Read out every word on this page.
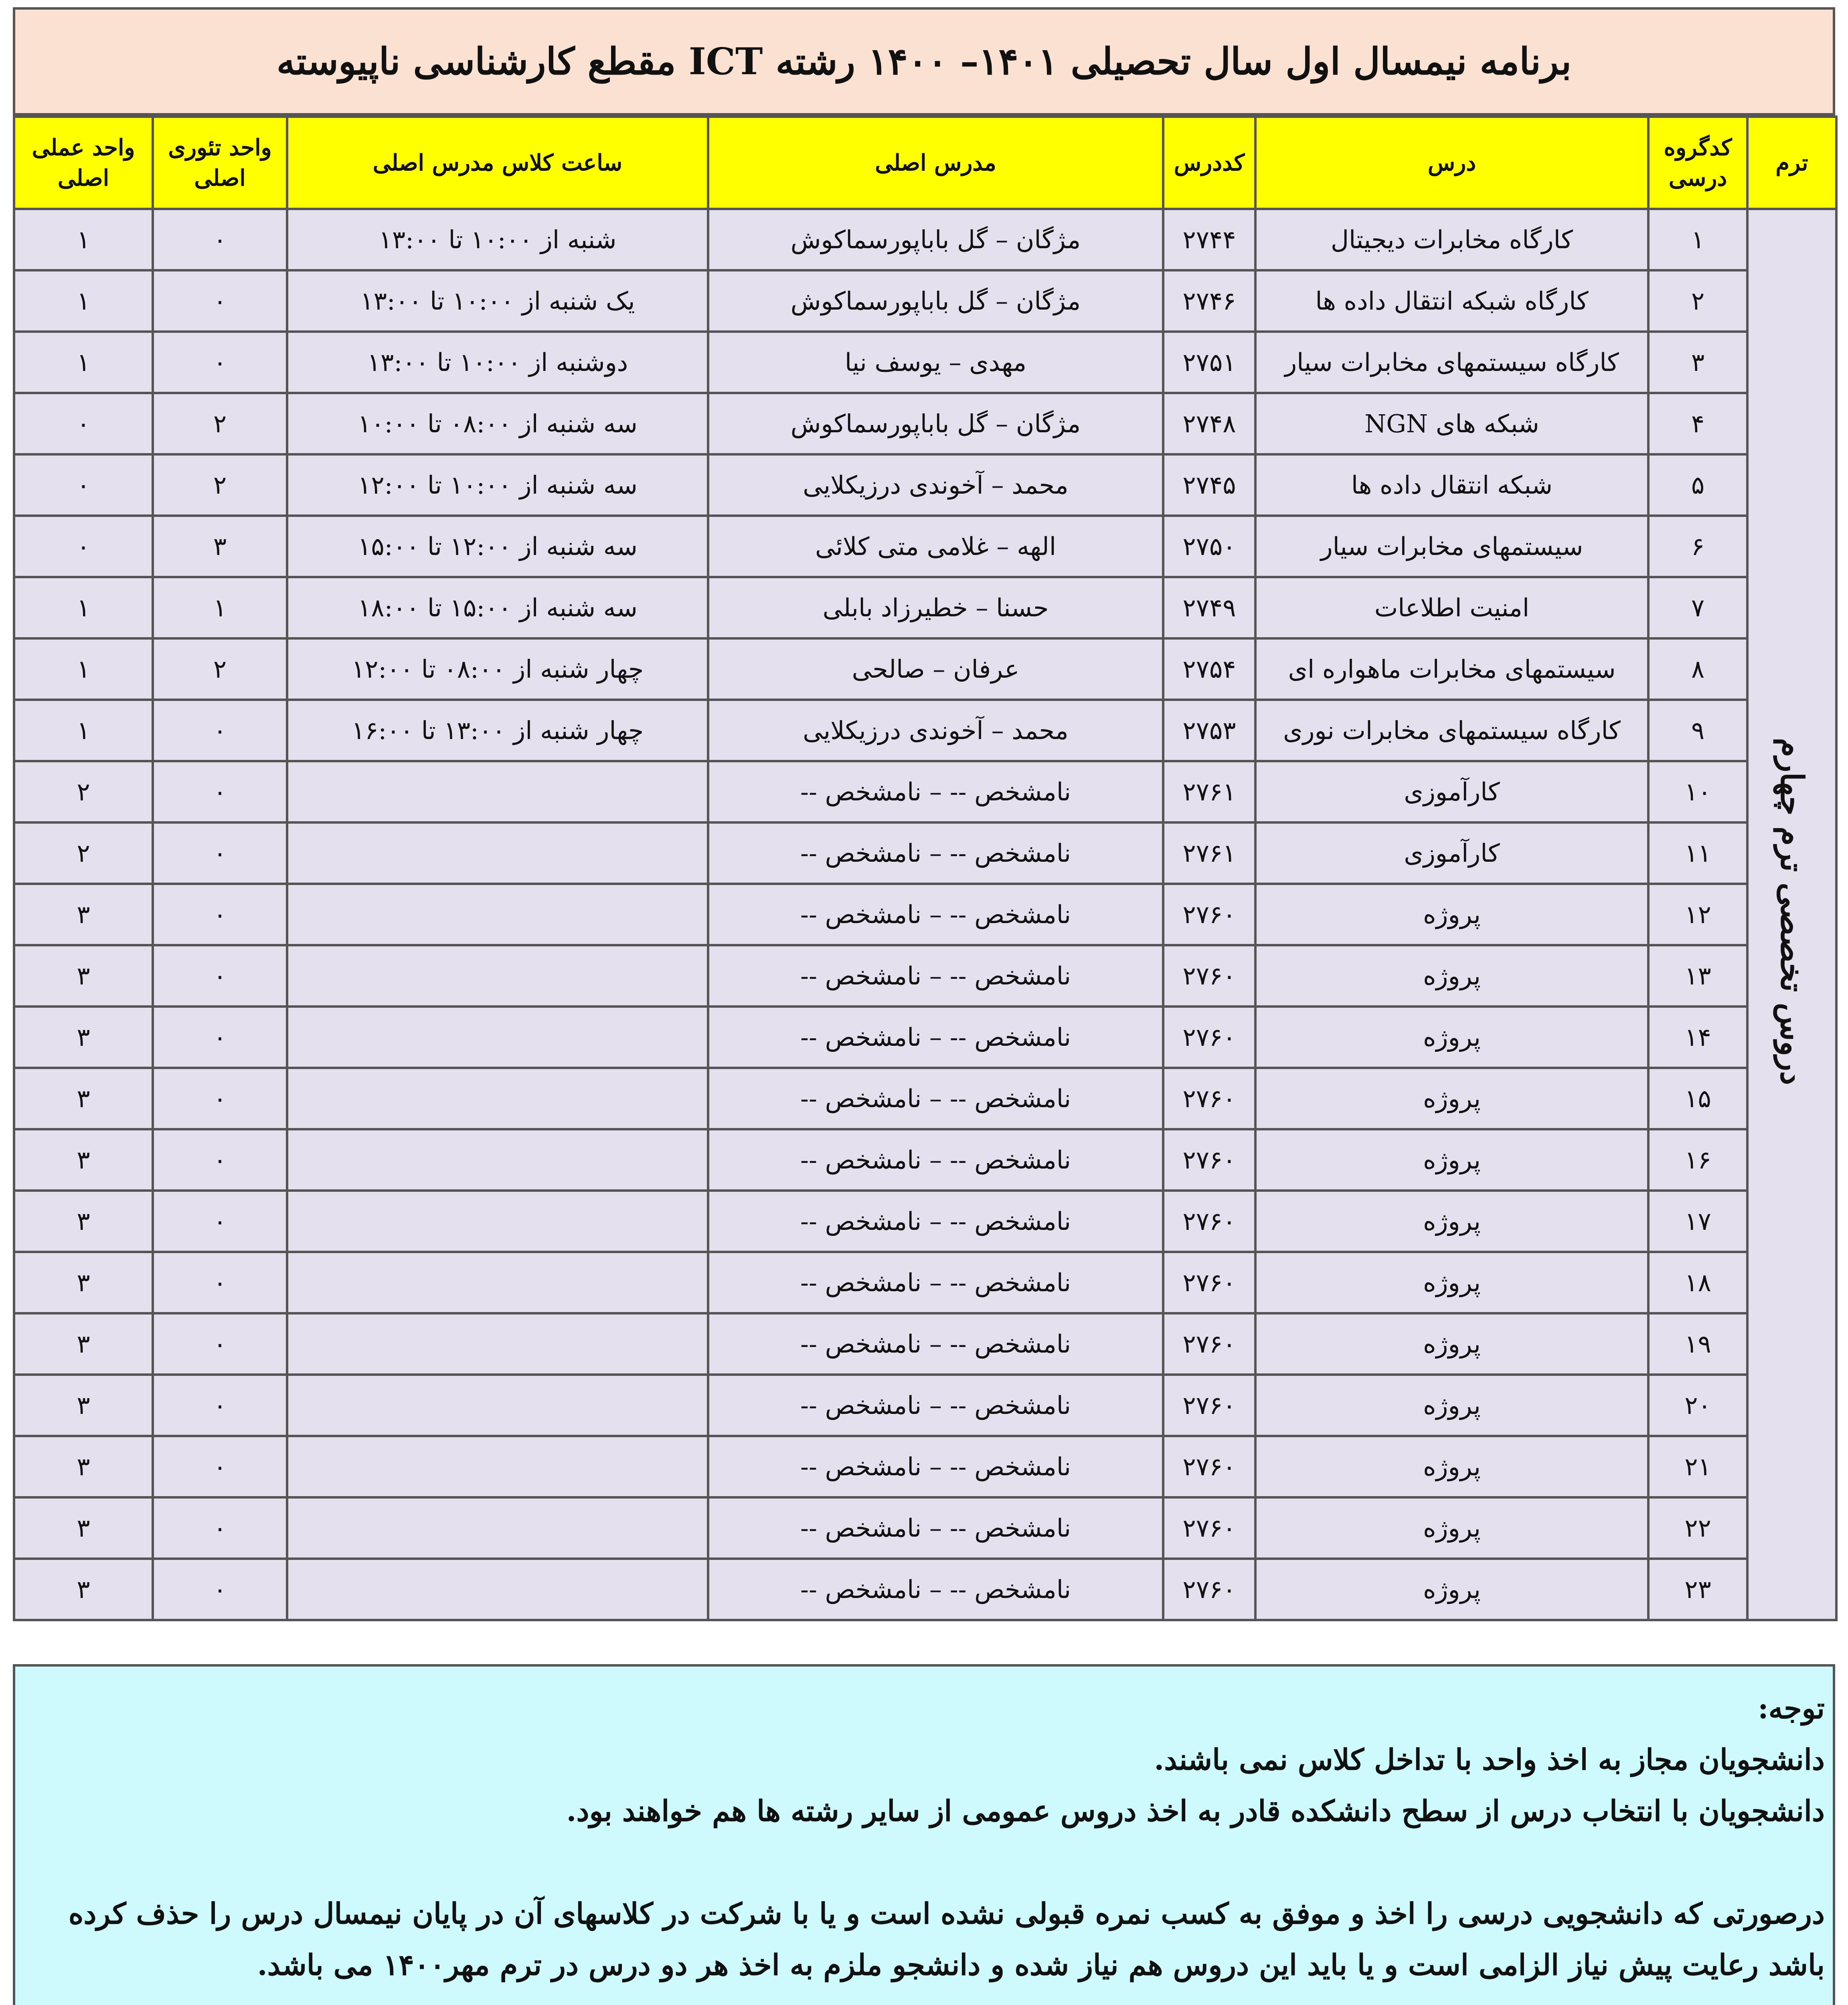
برنامه نیمسال اول سال تحصیلی ۱۴۰۱– ۱۴۰۰ رشته ICT مقطع کارشناسی ناپیوسته
ترم	کدگروه درسی	درس	کددرس	مدرس اصلی	ساعت کلاس مدرس اصلی	واحد تئوری اصلی	واحد عملی اصلی
دروس تخصصی ترم چهارم	۱	کارگاه مخابرات دیجیتال	۲۷۴۴	مژگان – گل باباپورسماکوش	شنبه از ۱۰:۰۰ تا ۱۳:۰۰	۰	۱
	۲	کارگاه شبکه انتقال داده ها	۲۷۴۶	مژگان – گل باباپورسماکوش	یک شنبه از ۱۰:۰۰ تا ۱۳:۰۰	۰	۱
	۳	کارگاه سیستمهای مخابرات سیار	۲۷۵۱	مهدی – یوسف نیا	دوشنبه از ۱۰:۰۰ تا ۱۳:۰۰	۰	۱
	۴	شبکه های NGN	۲۷۴۸	مژگان – گل باباپورسماکوش	سه شنبه از ۰۸:۰۰ تا ۱۰:۰۰	۲	۰
	۵	شبکه انتقال داده ها	۲۷۴۵	محمد – آخوندی درزیکلایی	سه شنبه از ۱۰:۰۰ تا ۱۲:۰۰	۲	۰
	۶	سیستمهای مخابرات سیار	۲۷۵۰	الهه – غلامی متی کلائی	سه شنبه از ۱۲:۰۰ تا ۱۵:۰۰	۳	۰
	۷	امنیت اطلاعات	۲۷۴۹	حسنا – خطیرزاد بابلی	سه شنبه از ۱۵:۰۰ تا ۱۸:۰۰	۱	۱
	۸	سیستمهای مخابرات ماهواره ای	۲۷۵۴	عرفان – صالحی	چهار شنبه از ۰۸:۰۰ تا ۱۲:۰۰	۲	۱
	۹	کارگاه سیستمهای مخابرات نوری	۲۷۵۳	محمد – آخوندی درزیکلایی	چهار شنبه از ۱۳:۰۰ تا ۱۶:۰۰	۰	۱
	۱۰	کارآموزی	۲۷۶۱	نامشخص -- – نامشخص --		۰	۲
	۱۱	کارآموزی	۲۷۶۱	نامشخص -- – نامشخص --		۰	۲
	۱۲	پروژه	۲۷۶۰	نامشخص -- – نامشخص --		۰	۳
	۱۳	پروژه	۲۷۶۰	نامشخص -- – نامشخص --		۰	۳
	۱۴	پروژه	۲۷۶۰	نامشخص -- – نامشخص --		۰	۳
	۱۵	پروژه	۲۷۶۰	نامشخص -- – نامشخص --		۰	۳
	۱۶	پروژه	۲۷۶۰	نامشخص -- – نامشخص --		۰	۳
	۱۷	پروژه	۲۷۶۰	نامشخص -- – نامشخص --		۰	۳
	۱۸	پروژه	۲۷۶۰	نامشخص -- – نامشخص --		۰	۳
	۱۹	پروژه	۲۷۶۰	نامشخص -- – نامشخص --		۰	۳
	۲۰	پروژه	۲۷۶۰	نامشخص -- – نامشخص --		۰	۳
	۲۱	پروژه	۲۷۶۰	نامشخص -- – نامشخص --		۰	۳
	۲۲	پروژه	۲۷۶۰	نامشخص -- – نامشخص --		۰	۳
	۲۳	پروژه	۲۷۶۰	نامشخص -- – نامشخص --		۰	۳

توجه:

دانشجویان مجاز به اخذ واحد با تداخل کلاس نمی باشند.

دانشجویان با انتخاب درس از سطح دانشکده قادر به اخذ دروس عمومی از سایر رشته ها هم خواهند بود.

درصورتی که دانشجویی درسی را اخذ و موفق به کسب نمره قبولی نشده است و یا با شرکت در کلاسهای آن در پایان نیمسال درس را حذف کرده باشد رعایت پیش نیاز الزامی است و یا باید این دروس هم نیاز شده و دانشجو ملزم به اخذ هر دو درس در ترم مهر۱۴۰۰ می باشد.
